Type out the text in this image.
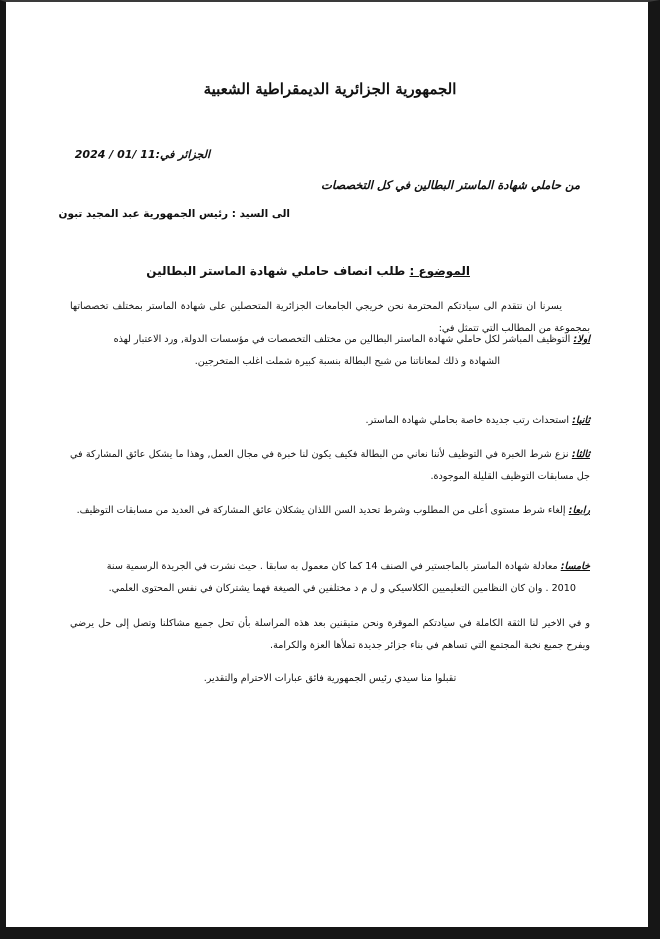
الجمهورية الجزائرية الديمقراطية الشعبية
الجزائر في:11 /01 / 2024
من حاملي شهادة الماستر البطالين في كل التخصصات
الى السيد : رئيس الجمهورية عبد المجيد تبون
الموضوع : طلب انصاف حاملي شهادة الماستر البطالين
يسرنا ان نتقدم الى سيادتكم المحترمة نحن خريجي الجامعات الجزائرية المتحصلين على شهادة الماستر بمختلف تخصصاتها بمجموعة من المطالب التي تتمثل في:
اولا: التوظيف المباشر لكل حاملي شهادة الماستر البطالين من مختلف التخصصات في مؤسسات الدولة, ورد الاعتبار لهذه
الشهادة و ذلك لمعاناتنا من شبح البطالة بنسبة كبيرة شملت اغلب المتخرجين.
ثانيا: استحداث رتب جديدة خاصة بحاملي شهادة الماستر.
ثالثا: نزع شرط الخبرة في التوظيف لأننا نعاني من البطالة فكيف يكون لنا خبرة في مجال العمل, وهذا ما يشكل عائق المشاركة في جل مسابقات التوظيف القليلة الموجودة.
رابعا: إلغاء شرط مستوى أعلى من المطلوب وشرط تحديد السن اللذان يشكلان عائق المشاركة في العديد من مسابقات التوظيف.
خامسا: معادلة شهادة الماستر بالماجستير في الصنف 14 كما كان معمول به سابقا . حيث نشرت في الجريدة الرسمية سنة
2010 . وان كان النظامين التعليميين الكلاسيكي و ل م د مختلفين في الصيغة فهما يشتركان في نفس المحتوى العلمي.
و في الاخير لنا الثقة الكاملة في سيادتكم الموقرة ونحن متيقنين بعد هذه المراسلة بأن تحل جميع مشاكلنا وتصل إلى حل يرضي ويفرح جميع نخبة المجتمع التي تساهم في بناء جزائر جديدة تملأها العزة والكرامة.
تقبلوا منا سيدي رئيس الجمهورية فائق عبارات الاحترام والتقدير.
